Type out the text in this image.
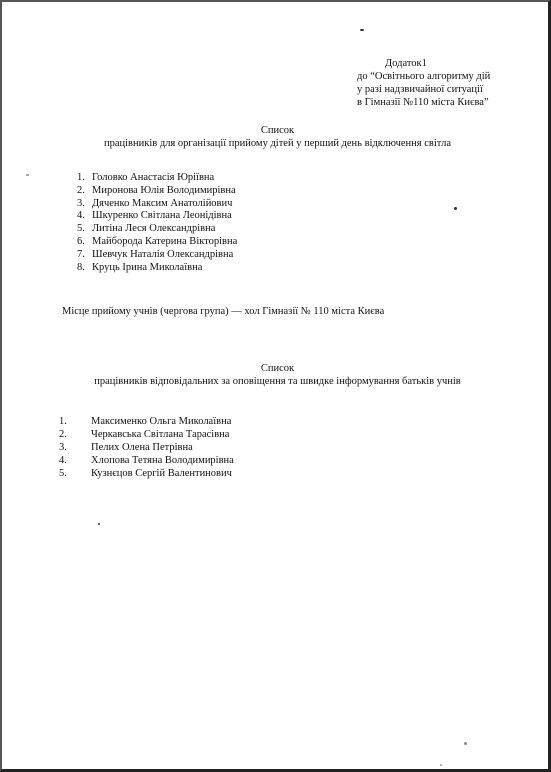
Додаток1
до “Освітнього алгоритму дій
у разі надзвичайної ситуації
в Гімназії №110 міста Києва”
Список
працівників для організації прийому дітей у перший день відключення світла
1. Головко Анастасія Юріївна
2. Миронова Юлія Володимирівна
3. Дяченко Максим Анатолійович
4. Шкуренко Світлана Леонідівна
5. Литіна Леся Олександрівна
6. Майборода Катерина Вікторівна
7. Шевчук Наталія Олександрівна
8. Круць Ірина Миколаївна
Місце прийому учнів (чергова група) — хол Гімназії № 110 міста Києва
Список
працівників відповідальних за оповіщення та швидке інформування батьків учнів
1. Максименко Ольга Миколаївна
2. Черкавська Світлана Тарасівна
3. Пелих Олена Петрівна
4. Хлопова Тетяна Володимирівна
5. Кузнєцов Сергій Валентинович
